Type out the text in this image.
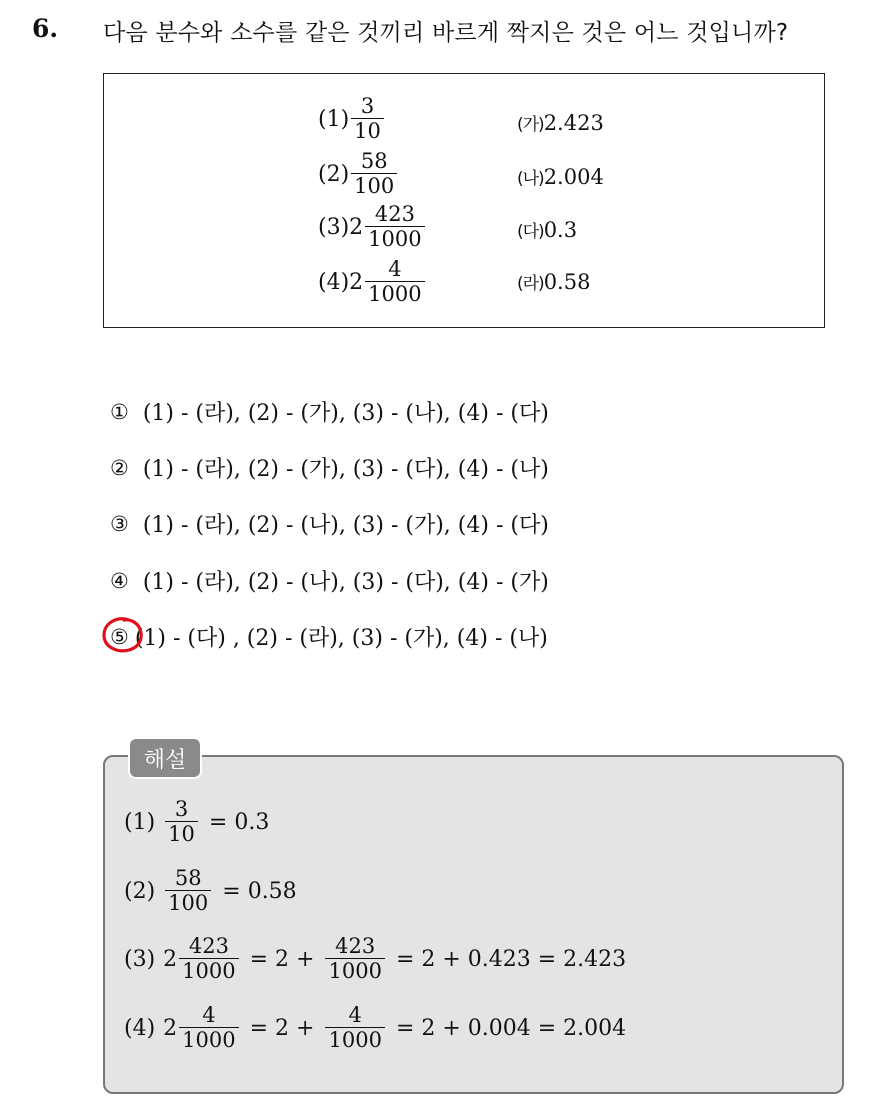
6. 다음 분수와 소수를 같은 것끼리 바르게 짝지은 것은 어느 것입니까?
$(1) \frac{3}{10}$
$(2) \frac{58}{100}$
(3) $2 \frac{423}{1000}$
(4) $2 \frac{4}{1000}$
(가) 2.423
(나) 2.004
(다) 0.3
(라) 0.58
① (1) - (라), (2) - (가), (3) - (나), (4) - (다)
② (1) - (라), (2) - (가), (3) - (다), (4) - (나)
③ (1) - (라), (2) - (나), (3) - (가), (4) - (다)
④ (1) - (라), (2) - (나), (3) - (다), (4) - (가)
⑤ (1) - (다) , (2) - (라), (3) - (가), (4) - (나)
해설
$(1) \frac{3}{10} = 0.3$
$(2) \frac{58}{100} = 0.58$
(3) $2 \frac{423}{1000} = 2 + \frac{423}{1000} = 2 + 0.423 = 2.423$
(4) $2 \frac{4}{1000} = 2 + \frac{4}{1000} = 2 + 0.004 = 2.004$
